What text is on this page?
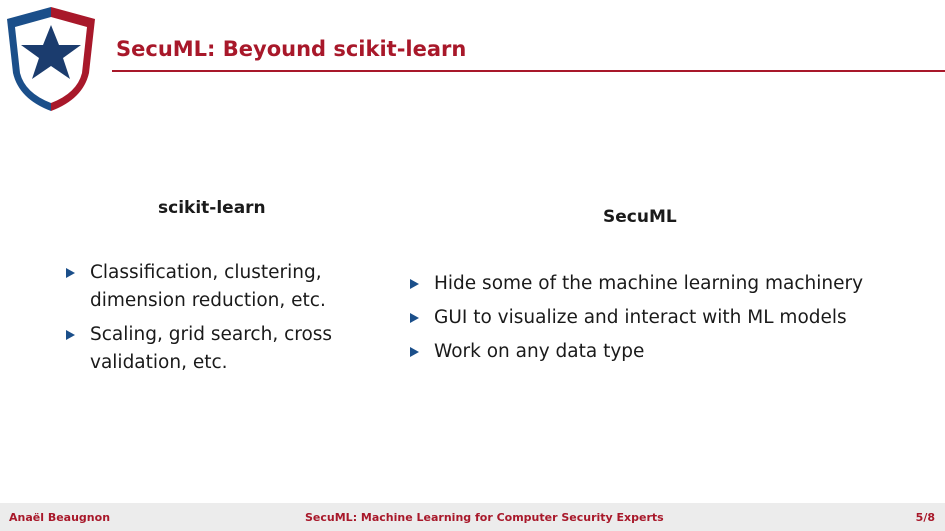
SecuML: Beyound scikit-learn
scikit-learn
Classification, clustering, dimension reduction, etc.
Scaling, grid search, cross validation, etc.
SecuML
Hide some of the machine learning machinery
GUI to visualize and interact with ML models
Work on any data type
Anaël Beaugnon	SecuML: Machine Learning for Computer Security Experts	5/8
